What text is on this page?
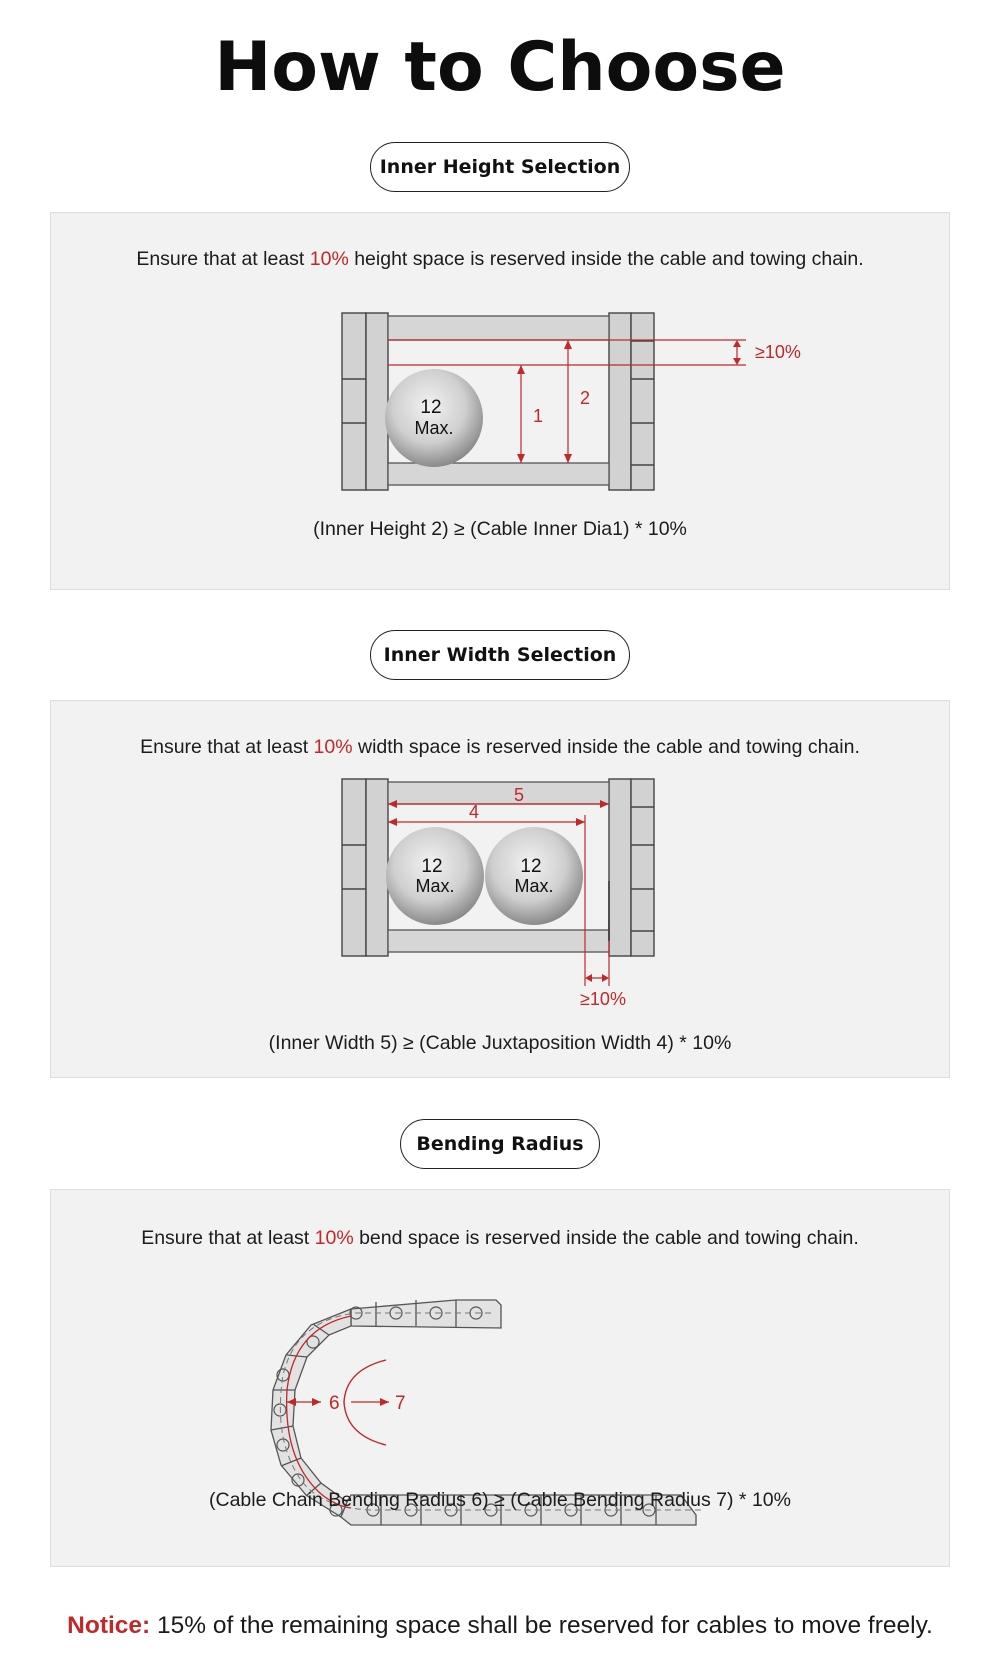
How to Choose
Inner Height Selection
Ensure that at least 10% height space is reserved inside the cable and towing chain.
12
Max.
1
2
≥10%
(Inner Height 2) ≥ (Cable Inner Dia1) * 10%
Inner Width Selection
Ensure that at least 10% width space is reserved inside the cable and towing chain.
12
Max.
12
Max.
5
4
≥10%
(Inner Width 5) ≥ (Cable Juxtaposition Width 4) * 10%
Bending Radius
Ensure that at least 10% bend space is reserved inside the cable and towing chain.
6	7
(Cable Chain Bending Radius 6) ≥ (Cable Bending Radius 7) * 10%
Notice: 15% of the remaining space shall be reserved for cables to move freely.
